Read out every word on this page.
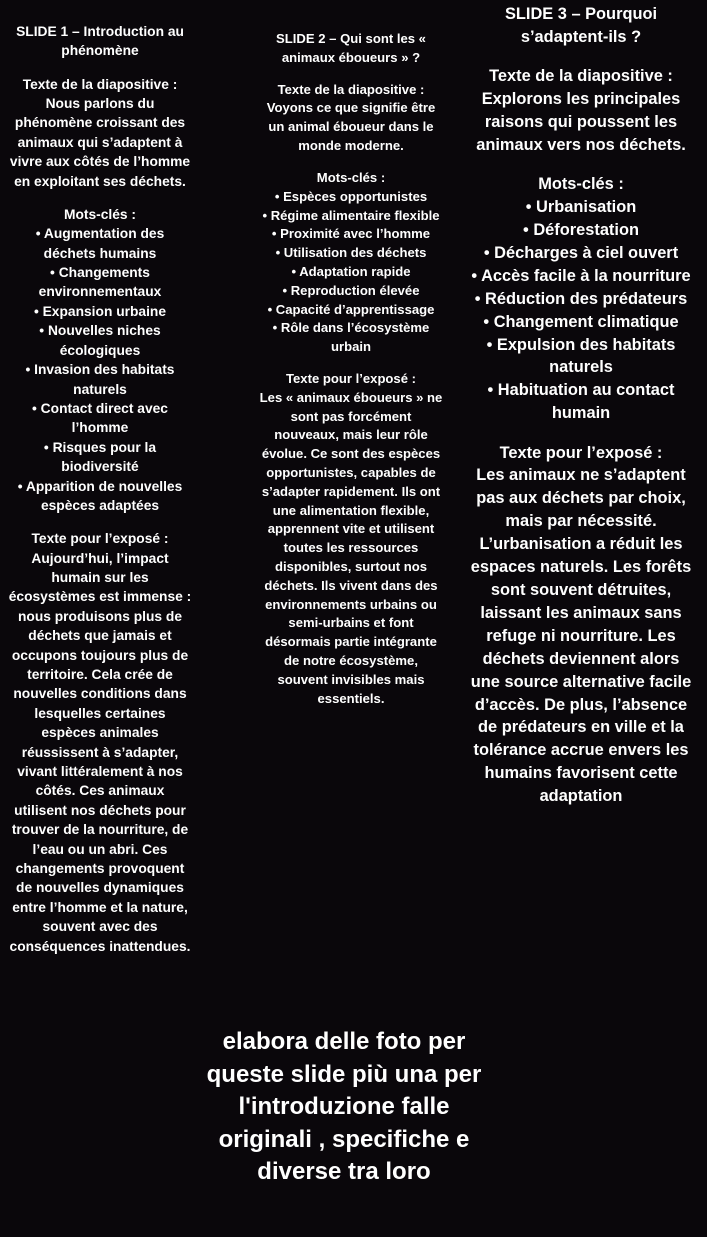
SLIDE 1 – Introduction au phénomène

Texte de la diapositive :

Nous parlons du phénomène croissant des animaux qui s’adaptent à vivre aux côtés de l’homme en exploitant ses déchets.

Mots-clés :

• Augmentation des déchets humains

• Changements environnementaux

• Expansion urbaine

• Nouvelles niches écologiques

• Invasion des habitats naturels

• Contact direct avec l’homme

• Risques pour la biodiversité

• Apparition de nouvelles espèces adaptées

Texte pour l’exposé :

Aujourd’hui, l’impact humain sur les écosystèmes est immense : nous produisons plus de déchets que jamais et occupons toujours plus de territoire. Cela crée de nouvelles conditions dans lesquelles certaines espèces animales réussissent à s’adapter, vivant littéralement à nos côtés. Ces animaux utilisent nos déchets pour trouver de la nourriture, de l’eau ou un abri. Ces changements provoquent de nouvelles dynamiques entre l’homme et la nature, souvent avec des conséquences inattendues.

SLIDE 2 – Qui sont les « animaux éboueurs » ?

Texte de la diapositive :

Voyons ce que signifie être un animal éboueur dans le monde moderne.

Mots-clés :

• Espèces opportunistes

• Régime alimentaire flexible

• Proximité avec l’homme

• Utilisation des déchets

• Adaptation rapide

• Reproduction élevée

• Capacité d’apprentissage

• Rôle dans l’écosystème urbain

Texte pour l’exposé :

Les « animaux éboueurs » ne sont pas forcément nouveaux, mais leur rôle évolue. Ce sont des espèces opportunistes, capables de s’adapter rapidement. Ils ont une alimentation flexible, apprennent vite et utilisent toutes les ressources disponibles, surtout nos déchets. Ils vivent dans des environnements urbains ou semi-urbains et font désormais partie intégrante de notre écosystème, souvent invisibles mais essentiels.

SLIDE 3 – Pourquoi s’adaptent-ils ?

Texte de la diapositive :

Explorons les principales raisons qui poussent les animaux vers nos déchets.

Mots-clés :

• Urbanisation

• Déforestation

• Décharges à ciel ouvert

• Accès facile à la nourriture

• Réduction des prédateurs

• Changement climatique

• Expulsion des habitats naturels

• Habituation au contact humain

Texte pour l’exposé :

Les animaux ne s’adaptent pas aux déchets par choix, mais par nécessité. L’urbanisation a réduit les espaces naturels. Les forêts sont souvent détruites, laissant les animaux sans refuge ni nourriture. Les déchets deviennent alors une source alternative facile d’accès. De plus, l’absence de prédateurs en ville et la tolérance accrue envers les humains favorisent cette adaptation

elabora delle foto per queste slide più una per l'introduzione falle originali , specifiche e diverse tra loro
